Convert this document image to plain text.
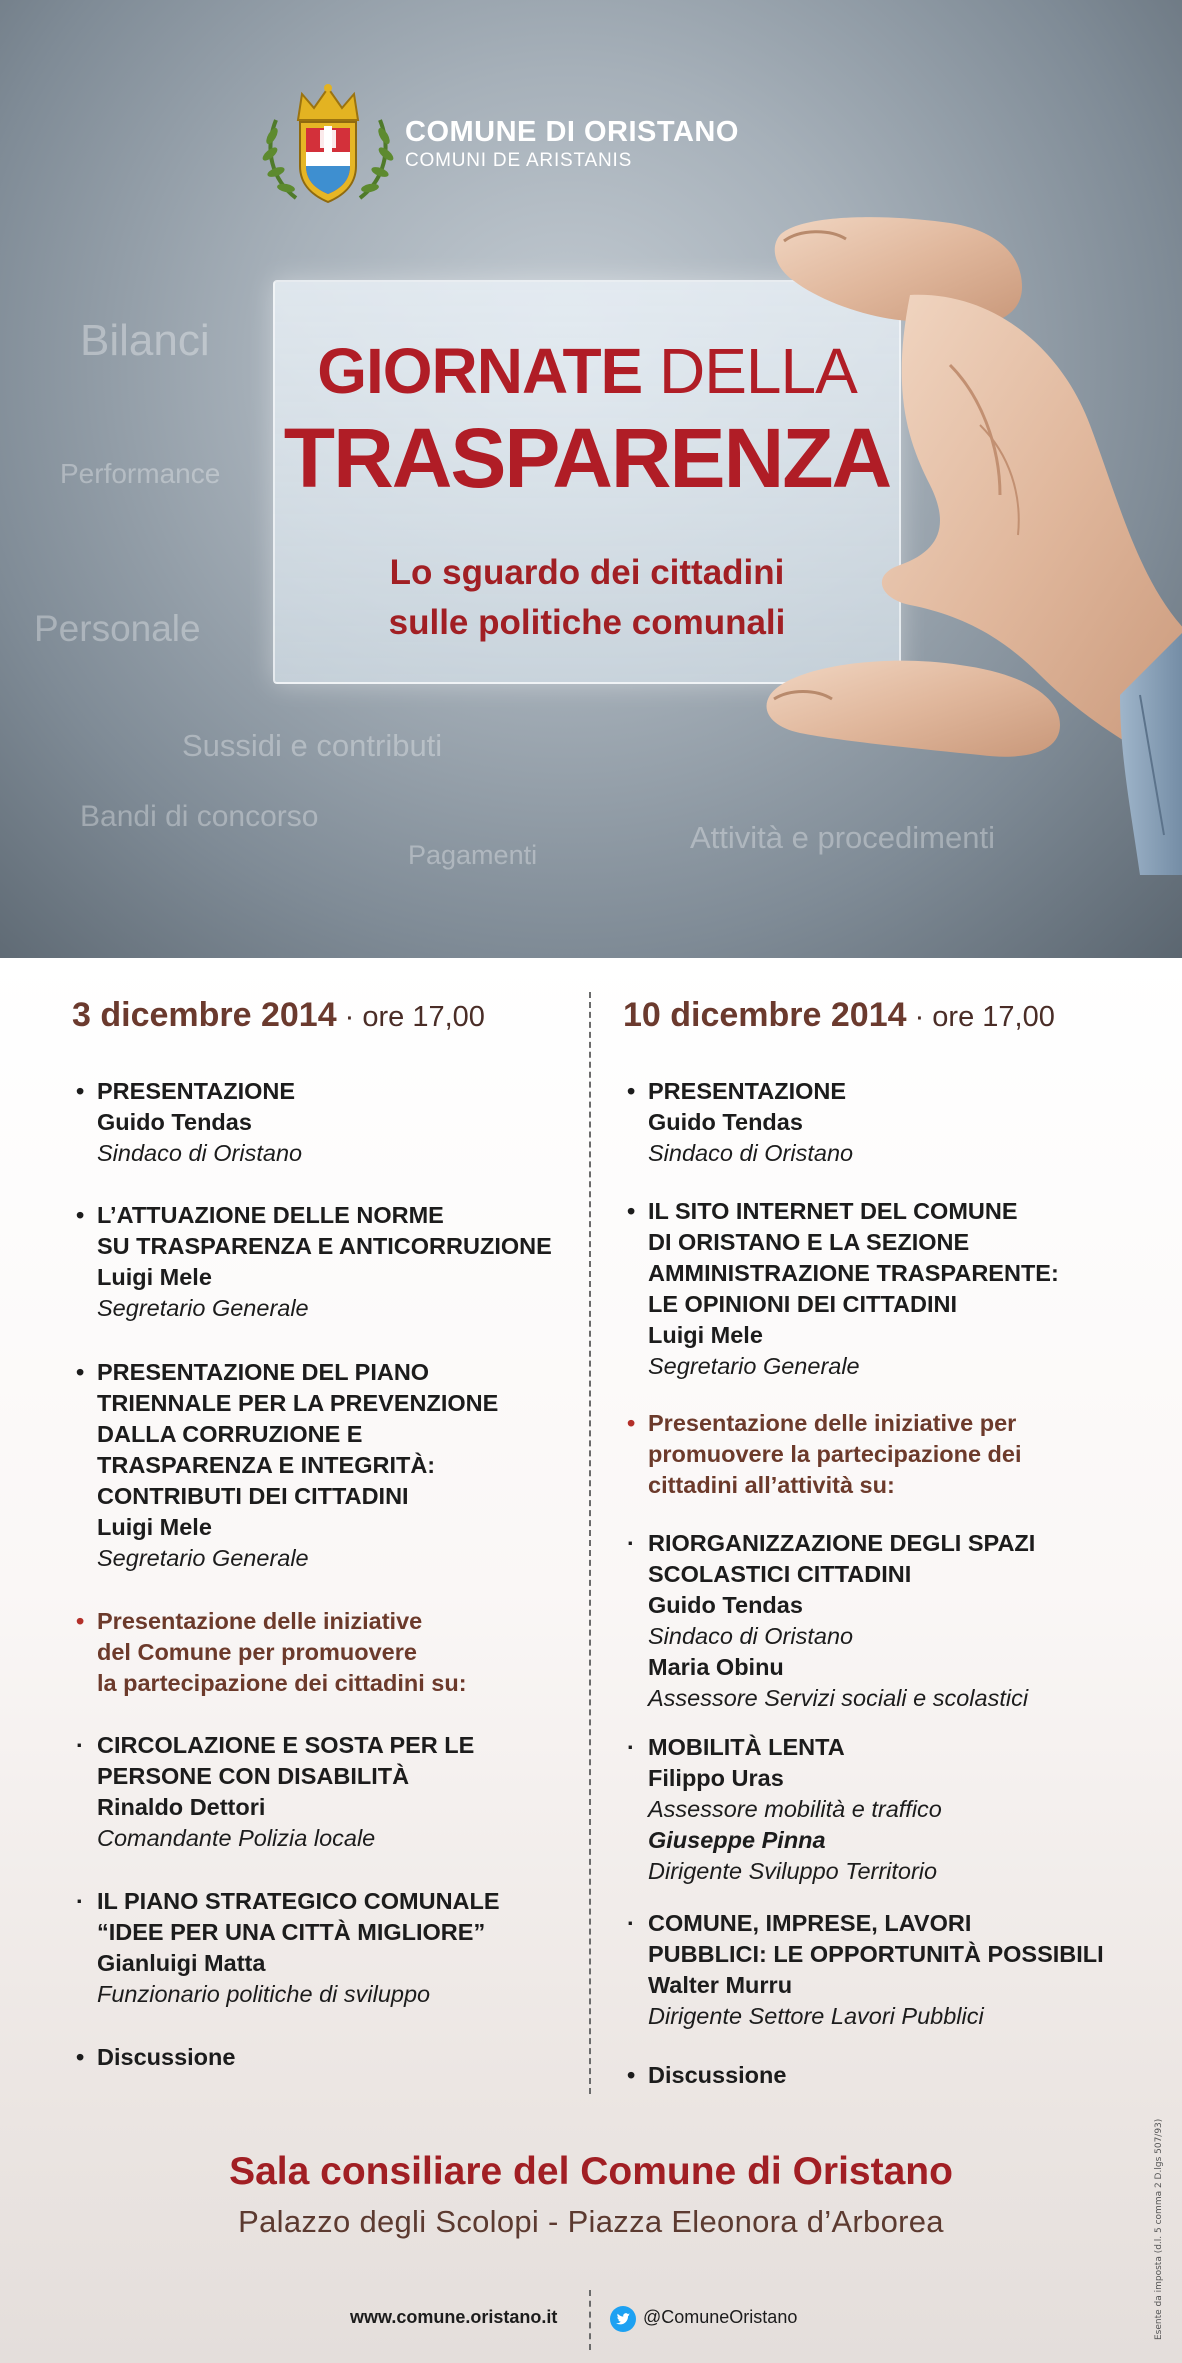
Bilanci
Performance
Personale
Sussidi e contributi
Bandi di concorso
Pagamenti	Attività e procedimenti
COMUNE DI ORISTANO
COMUNI DE ARISTANIS
GIORNATE DELLA
TRASPARENZA
Lo sguardo dei cittadini
sulle politiche comunali
3 dicembre 2014 · ore 17,00
• PRESENTAZIONE
Guido Tendas
Sindaco di Oristano
• L’ATTUAZIONE DELLE NORME
SU TRASPARENZA E ANTICORRUZIONE
Luigi Mele
Segretario Generale
• PRESENTAZIONE DEL PIANO
TRIENNALE PER LA PREVENZIONE
DALLA CORRUZIONE E
TRASPARENZA E INTEGRITÀ:
CONTRIBUTI DEI CITTADINI
Luigi Mele
Segretario Generale
• Presentazione delle iniziative
del Comune per promuovere
la partecipazione dei cittadini su:
· CIRCOLAZIONE E SOSTA PER LE
PERSONE CON DISABILITÀ
Rinaldo Dettori
Comandante Polizia locale
· IL PIANO STRATEGICO COMUNALE
“IDEE PER UNA CITTÀ MIGLIORE”
Gianluigi Matta
Funzionario politiche di sviluppo
• Discussione
10 dicembre 2014 · ore 17,00
• PRESENTAZIONE
Guido Tendas
Sindaco di Oristano
• IL SITO INTERNET DEL COMUNE
DI ORISTANO E LA SEZIONE
AMMINISTRAZIONE TRASPARENTE:
LE OPINIONI DEI CITTADINI
Luigi Mele
Segretario Generale
• Presentazione delle iniziative per
promuovere la partecipazione dei
cittadini all’attività su:
· RIORGANIZZAZIONE DEGLI SPAZI
SCOLASTICI CITTADINI
Guido Tendas
Sindaco di Oristano
Maria Obinu
Assessore Servizi sociali e scolastici
· MOBILITÀ LENTA
Filippo Uras
Assessore mobilità e traffico
Giuseppe Pinna
Dirigente Sviluppo Territorio
· COMUNE, IMPRESE, LAVORI
PUBBLICI: LE OPPORTUNITÀ POSSIBILI
Walter Murru
Dirigente Settore Lavori Pubblici
• Discussione
Sala consiliare del Comune di Oristano
Palazzo degli Scolopi - Piazza Eleonora d’Arborea
www.comune.oristano.it	@ComuneOristano	Esente da imposta (d.l. 5 comma 2 D.lgs 507/93)
